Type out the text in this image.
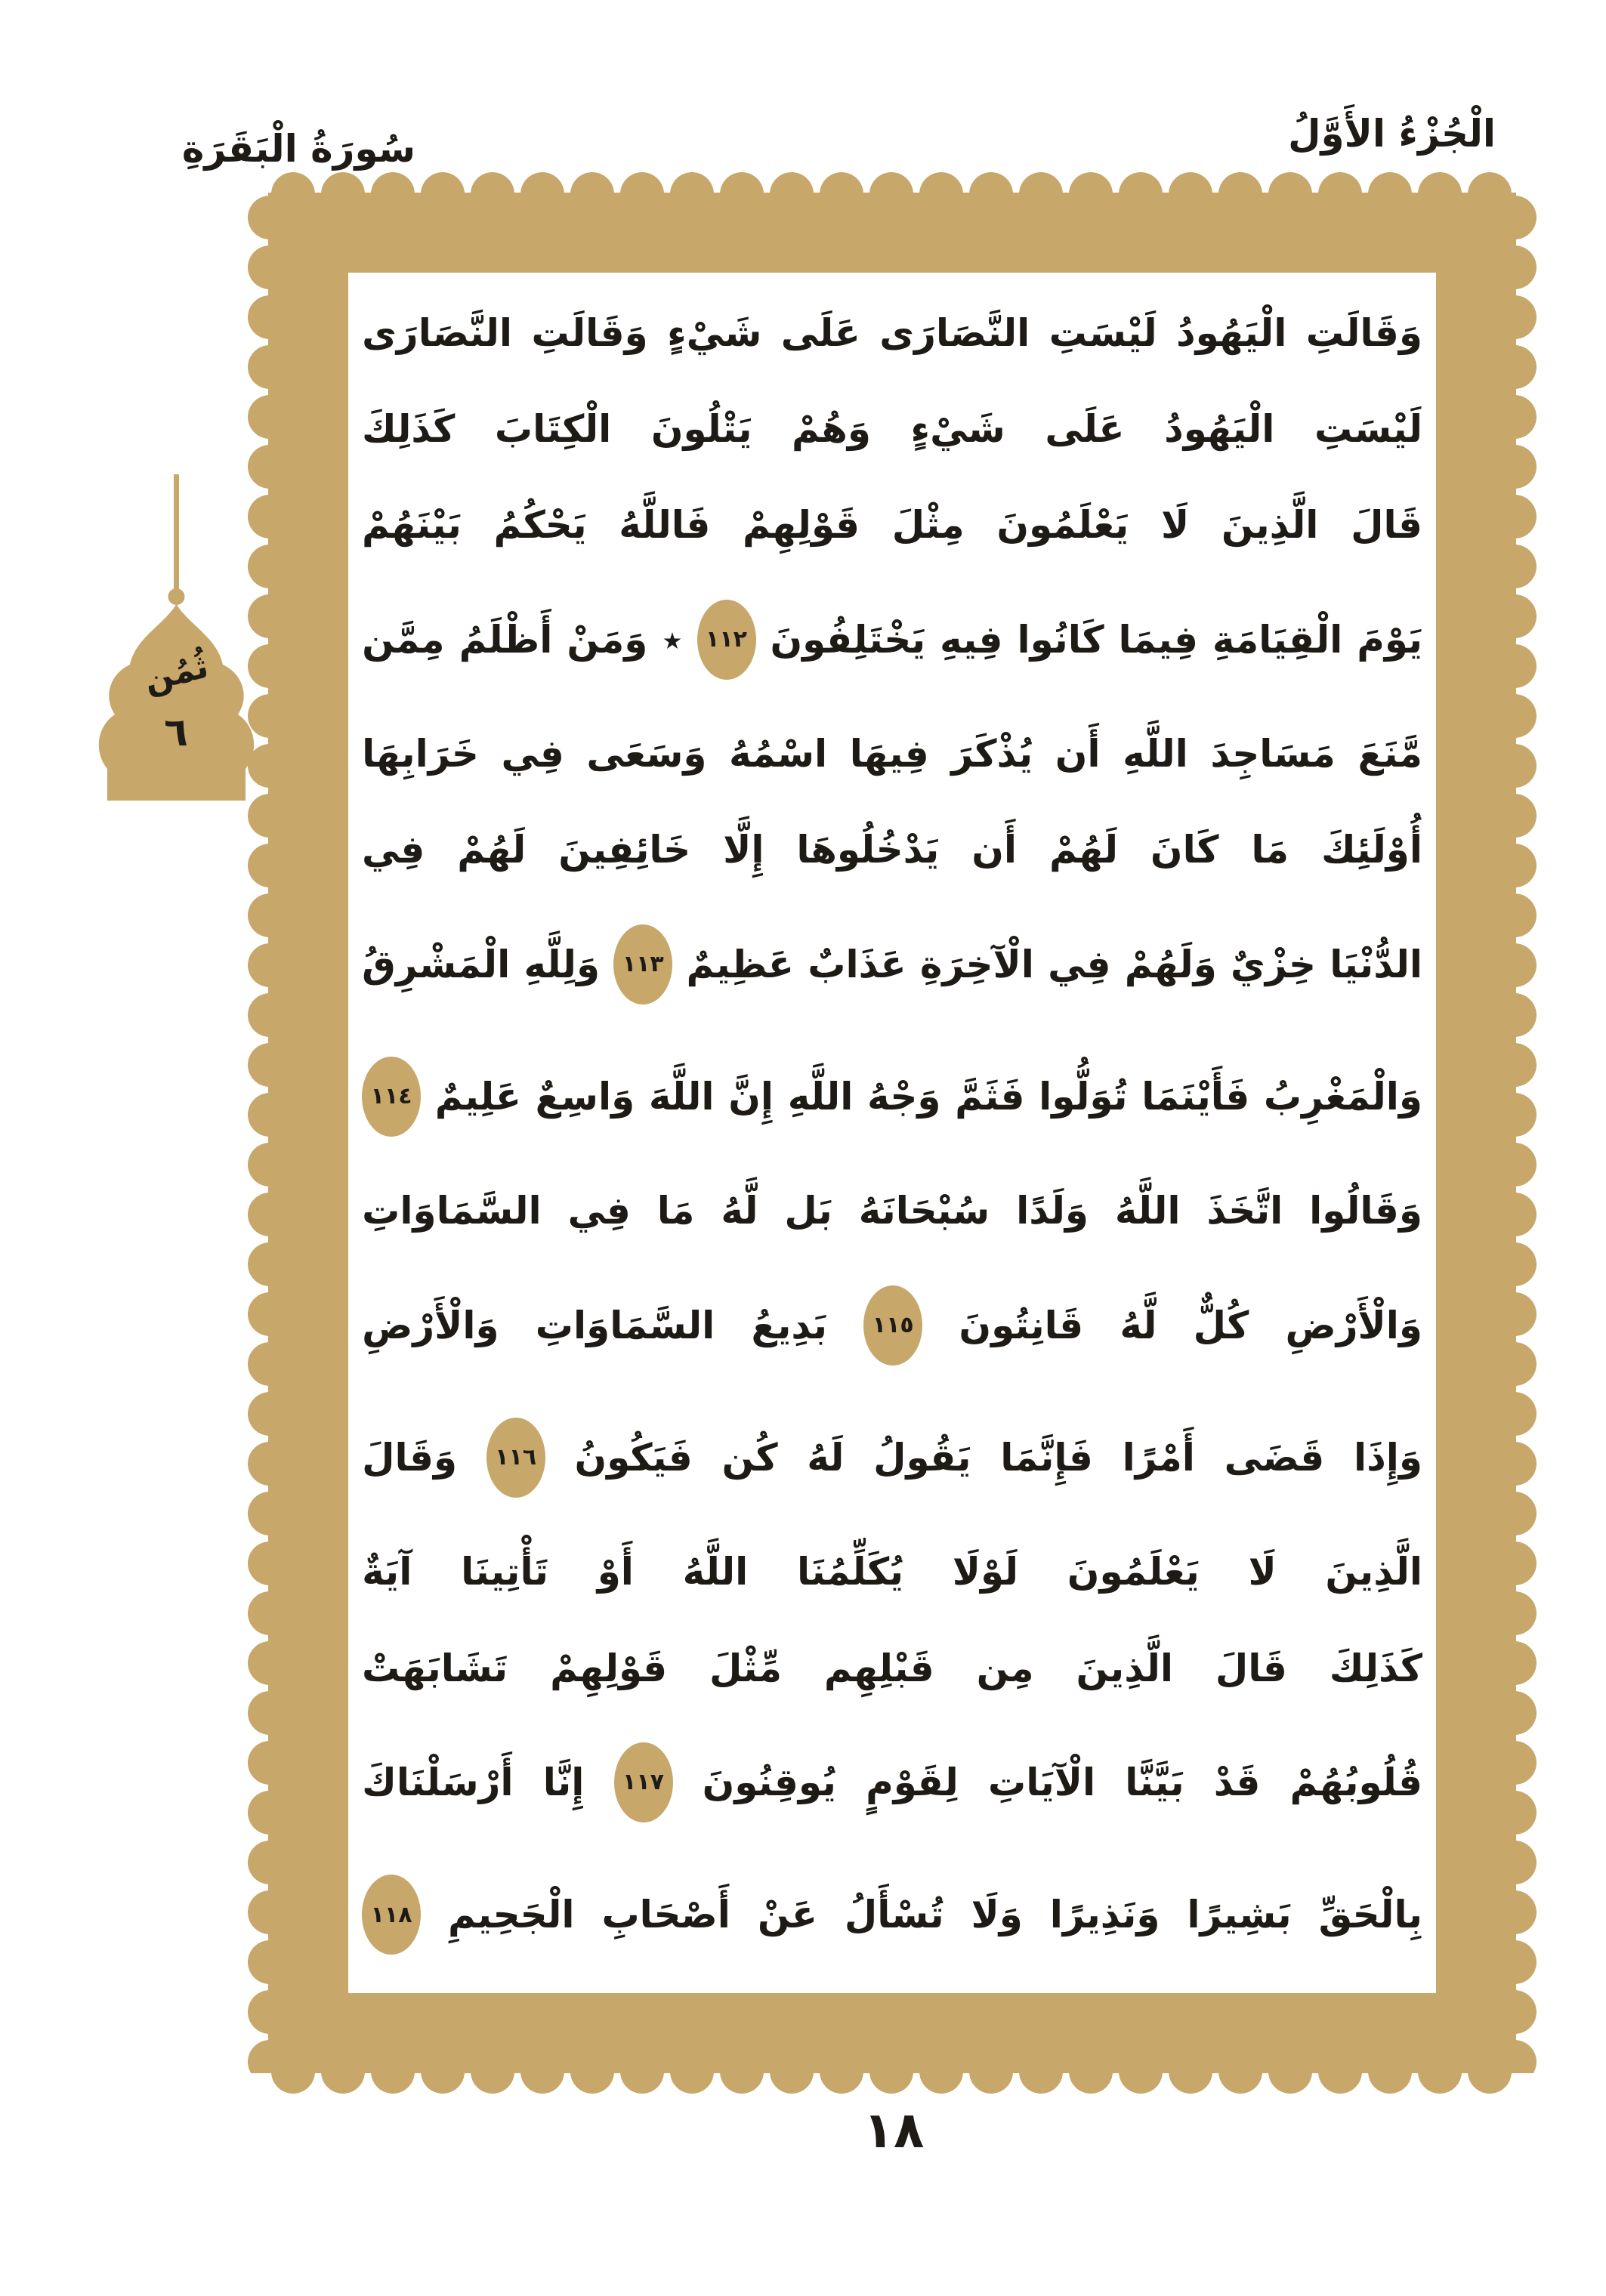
الْجُزْءُ الأَوَّلُ
سُورَةُ الْبَقَرَةِ
وَقَالَتِ
الْيَهُودُ
لَيْسَتِ
النَّصَارَى
عَلَى
شَيْءٍ
وَقَالَتِ
النَّصَارَى
لَيْسَتِ
الْيَهُودُ
عَلَى
شَيْءٍ
وَهُمْ
يَتْلُونَ
الْكِتَابَ
كَذَلِكَ
قَالَ
الَّذِينَ
لَا
يَعْلَمُونَ
مِثْلَ
قَوْلِهِمْ
فَاللَّهُ
يَحْكُمُ
بَيْنَهُمْ
يَوْمَ
الْقِيَامَةِ
فِيمَا
كَانُوا
فِيهِ
يَخْتَلِفُونَ
١١٢
٭
وَمَنْ
أَظْلَمُ
مِمَّن
مَّنَعَ
مَسَاجِدَ
اللَّهِ
أَن
يُذْكَرَ
فِيهَا
اسْمُهُ
وَسَعَى
فِي
خَرَابِهَا
أُوْلَئِكَ
مَا
كَانَ
لَهُمْ
أَن
يَدْخُلُوهَا
إِلَّا
خَائِفِينَ
لَهُمْ
فِي
الدُّنْيَا
خِزْيٌ
وَلَهُمْ
فِي
الْآخِرَةِ
عَذَابٌ
عَظِيمٌ
١١٣
وَلِلَّهِ
الْمَشْرِقُ
وَالْمَغْرِبُ
فَأَيْنَمَا
تُوَلُّوا
فَثَمَّ
وَجْهُ
اللَّهِ
إِنَّ
اللَّهَ
وَاسِعٌ
عَلِيمٌ
١١٤
وَقَالُوا
اتَّخَذَ
اللَّهُ
وَلَدًا
سُبْحَانَهُ
بَل
لَّهُ
مَا
فِي
السَّمَاوَاتِ
وَالْأَرْضِ
كُلٌّ
لَّهُ
قَانِتُونَ
١١٥
بَدِيعُ
السَّمَاوَاتِ
وَالْأَرْضِ
وَإِذَا
قَضَى
أَمْرًا
فَإِنَّمَا
يَقُولُ
لَهُ
كُن
فَيَكُونُ
١١٦
وَقَالَ
الَّذِينَ
لَا
يَعْلَمُونَ
لَوْلَا
يُكَلِّمُنَا
اللَّهُ
أَوْ
تَأْتِينَا
آيَةٌ
كَذَلِكَ
قَالَ
الَّذِينَ
مِن
قَبْلِهِم
مِّثْلَ
قَوْلِهِمْ
تَشَابَهَتْ
قُلُوبُهُمْ
قَدْ
بَيَّنَّا
الْآيَاتِ
لِقَوْمٍ
يُوقِنُونَ
١١٧
إِنَّا
أَرْسَلْنَاكَ
بِالْحَقِّ
بَشِيرًا
وَنَذِيرًا
وَلَا
تُسْأَلُ
عَنْ
أَصْحَابِ
الْجَحِيمِ
١١٨
ثُمُن
٦
١٨
